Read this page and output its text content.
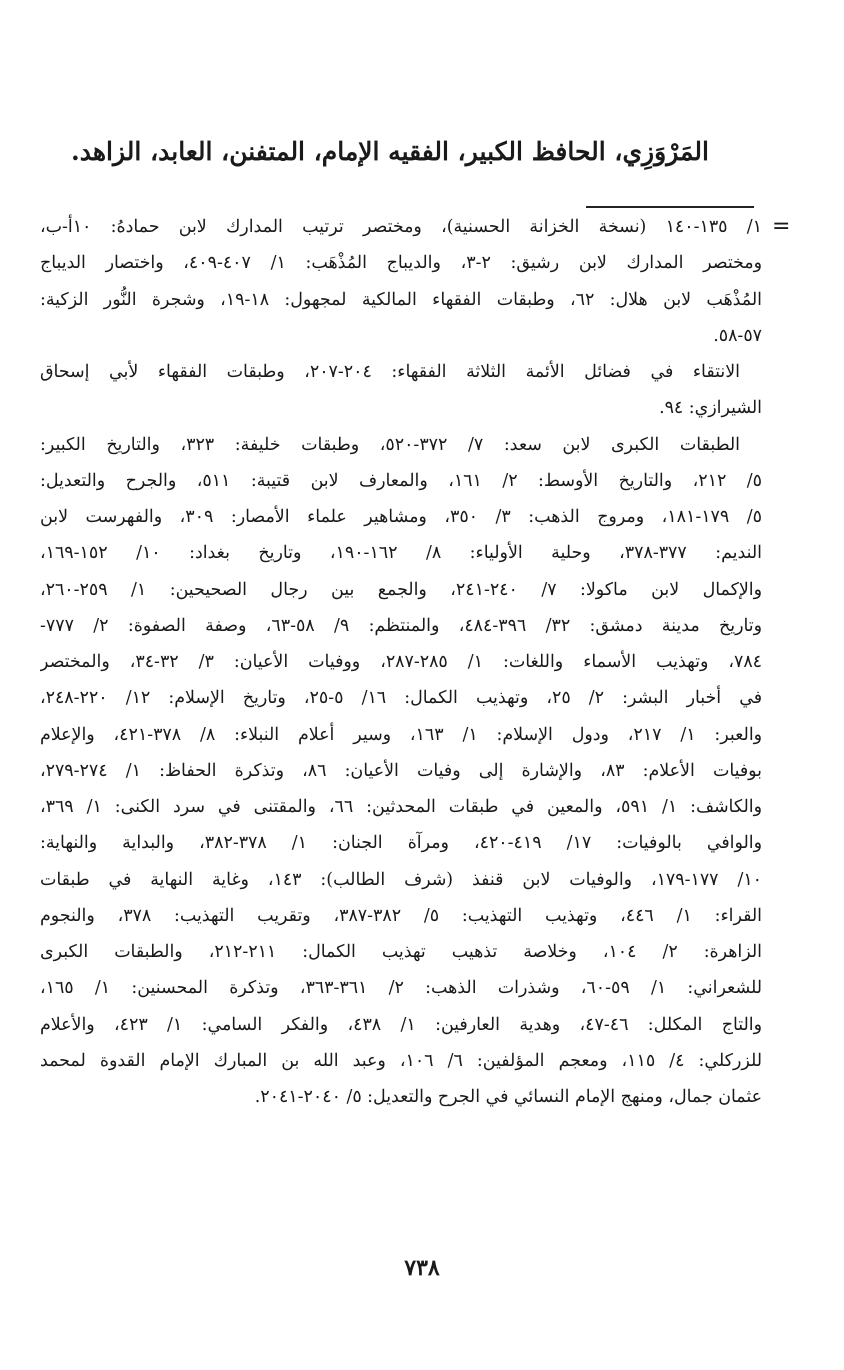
المَرْوَزِي، الحافظ الكبير، الفقيه الإمام، المتفنن، العابد، الزاهد.
=
١/ ١٣٥-١٤٠ (نسخة الخزانة الحسنية)، ومختصر ترتيب المدارك لابن حمادهُ: ١٠أ-ب،
ومختصر المدارك لابن رشيق: ٢-٣، والديباج المُذْهَب: ١/ ٤٠٧-٤٠٩، واختصار الديباج
المُذْهَب لابن هلال: ٦٢، وطبقات الفقهاء المالكية لمجهول: ١٨-١٩، وشجرة النُّور الزكية:
٥٧-٥٨.
الانتقاء في فضائل الأئمة الثلاثة الفقهاء: ٢٠٤-٢٠٧، وطبقات الفقهاء لأبي إسحاق
الشيرازي: ٩٤.
الطبقات الكبرى لابن سعد: ٧/ ٣٧٢-٥٢٠، وطبقات خليفة: ٣٢٣، والتاريخ الكبير:
٥/ ٢١٢، والتاريخ الأوسط: ٢/ ١٦١، والمعارف لابن قتيبة: ٥١١، والجرح والتعديل:
٥/ ١٧٩-١٨١، ومروج الذهب: ٣/ ٣٥٠، ومشاهير علماء الأمصار: ٣٠٩، والفهرست لابن
النديم: ٣٧٧-٣٧٨، وحلية الأولياء: ٨/ ١٦٢-١٩٠، وتاريخ بغداد: ١٠/ ١٥٢-١٦٩،
والإكمال لابن ماكولا: ٧/ ٢٤٠-٢٤١، والجمع بين رجال الصحيحين: ١/ ٢٥٩-٢٦٠،
وتاريخ مدينة دمشق: ٣٢/ ٣٩٦-٤٨٤، والمنتظم: ٩/ ٥٨-٦٣، وصفة الصفوة: ٢/ ٧٧٧-
٧٨٤، وتهذيب الأسماء واللغات: ١/ ٢٨٥-٢٨٧، ووفيات الأعيان: ٣/ ٣٢-٣٤، والمختصر
في أخبار البشر: ٢/ ٢٥، وتهذيب الكمال: ١٦/ ٥-٢٥، وتاريخ الإسلام: ١٢/ ٢٢٠-٢٤٨،
والعبر: ١/ ٢١٧، ودول الإسلام: ١/ ١٦٣، وسير أعلام النبلاء: ٨/ ٣٧٨-٤٢١، والإعلام
بوفيات الأعلام: ٨٣، والإشارة إلى وفيات الأعيان: ٨٦، وتذكرة الحفاظ: ١/ ٢٧٤-٢٧٩،
والكاشف: ١/ ٥٩١، والمعين في طبقات المحدثين: ٦٦، والمقتنى في سرد الكنى: ١/ ٣٦٩،
والوافي بالوفيات: ١٧/ ٤١٩-٤٢٠، ومرآة الجنان: ١/ ٣٧٨-٣٨٢، والبداية والنهاية:
١٠/ ١٧٧-١٧٩، والوفيات لابن قنفذ (شرف الطالب): ١٤٣، وغاية النهاية في طبقات
القراء: ١/ ٤٤٦، وتهذيب التهذيب: ٥/ ٣٨٢-٣٨٧، وتقريب التهذيب: ٣٧٨، والنجوم
الزاهرة: ٢/ ١٠٤، وخلاصة تذهيب تهذيب الكمال: ٢١١-٢١٢، والطبقات الكبرى
للشعراني: ١/ ٥٩-٦٠، وشذرات الذهب: ٢/ ٣٦١-٣٦٣، وتذكرة المحسنين: ١/ ١٦٥،
والتاج المكلل: ٤٦-٤٧، وهدية العارفين: ١/ ٤٣٨، والفكر السامي: ١/ ٤٢٣، والأعلام
للزركلي: ٤/ ١١٥، ومعجم المؤلفين: ٦/ ١٠٦، وعبد الله بن المبارك الإمام القدوة لمحمد
عثمان جمال، ومنهج الإمام النسائي في الجرح والتعديل: ٥/ ٢٠٤٠-٢٠٤١.
٧٣٨
